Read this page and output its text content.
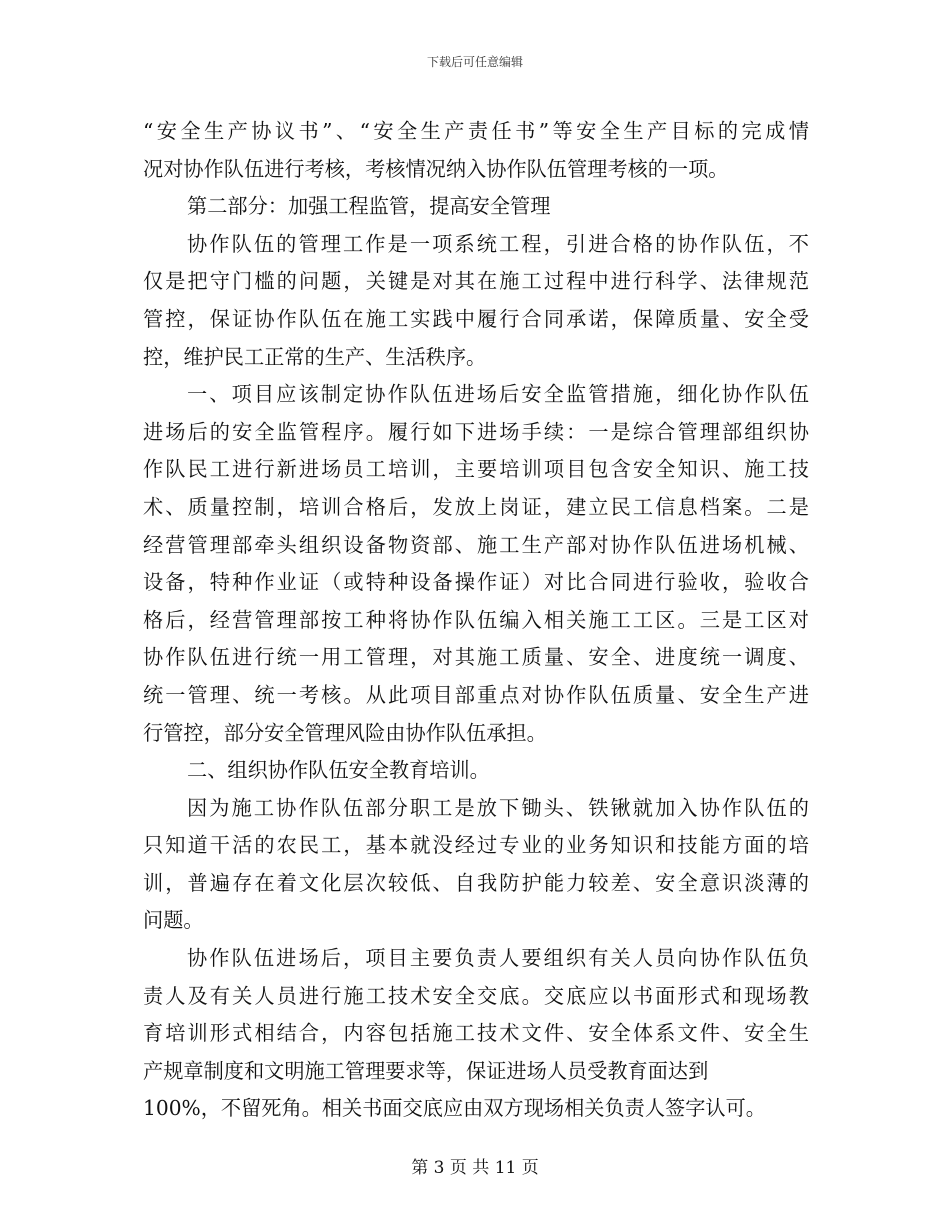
下载后可任意编辑
“安全生产协议书”、“安全生产责任书”等安全生产目标的完成情
况对协作队伍进行考核，考核情况纳入协作队伍管理考核的一项。
第二部分：加强工程监管，提高安全管理
协作队伍的管理工作是一项系统工程，引进合格的协作队伍，不
仅是把守门槛的问题，关键是对其在施工过程中进行科学、法律规范
管控，保证协作队伍在施工实践中履行合同承诺，保障质量、安全受
控，维护民工正常的生产、生活秩序。
一、项目应该制定协作队伍进场后安全监管措施，细化协作队伍
进场后的安全监管程序。履行如下进场手续：一是综合管理部组织协
作队民工进行新进场员工培训，主要培训项目包含安全知识、施工技
术、质量控制，培训合格后，发放上岗证，建立民工信息档案。二是
经营管理部牵头组织设备物资部、施工生产部对协作队伍进场机械、
设备，特种作业证（或特种设备操作证）对比合同进行验收，验收合
格后，经营管理部按工种将协作队伍编入相关施工工区。三是工区对
协作队伍进行统一用工管理，对其施工质量、安全、进度统一调度、
统一管理、统一考核。从此项目部重点对协作队伍质量、安全生产进
行管控，部分安全管理风险由协作队伍承担。
二、组织协作队伍安全教育培训。
因为施工协作队伍部分职工是放下锄头、铁锹就加入协作队伍的
只知道干活的农民工，基本就没经过专业的业务知识和技能方面的培
训，普遍存在着文化层次较低、自我防护能力较差、安全意识淡薄的
问题。
协作队伍进场后，项目主要负责人要组织有关人员向协作队伍负
责人及有关人员进行施工技术安全交底。交底应以书面形式和现场教
育培训形式相结合，内容包括施工技术文件、安全体系文件、安全生
产规章制度和文明施工管理要求等，保证进场人员受教育面达到
100%，不留死角。相关书面交底应由双方现场相关负责人签字认可。
第 3 页 共 11 页
